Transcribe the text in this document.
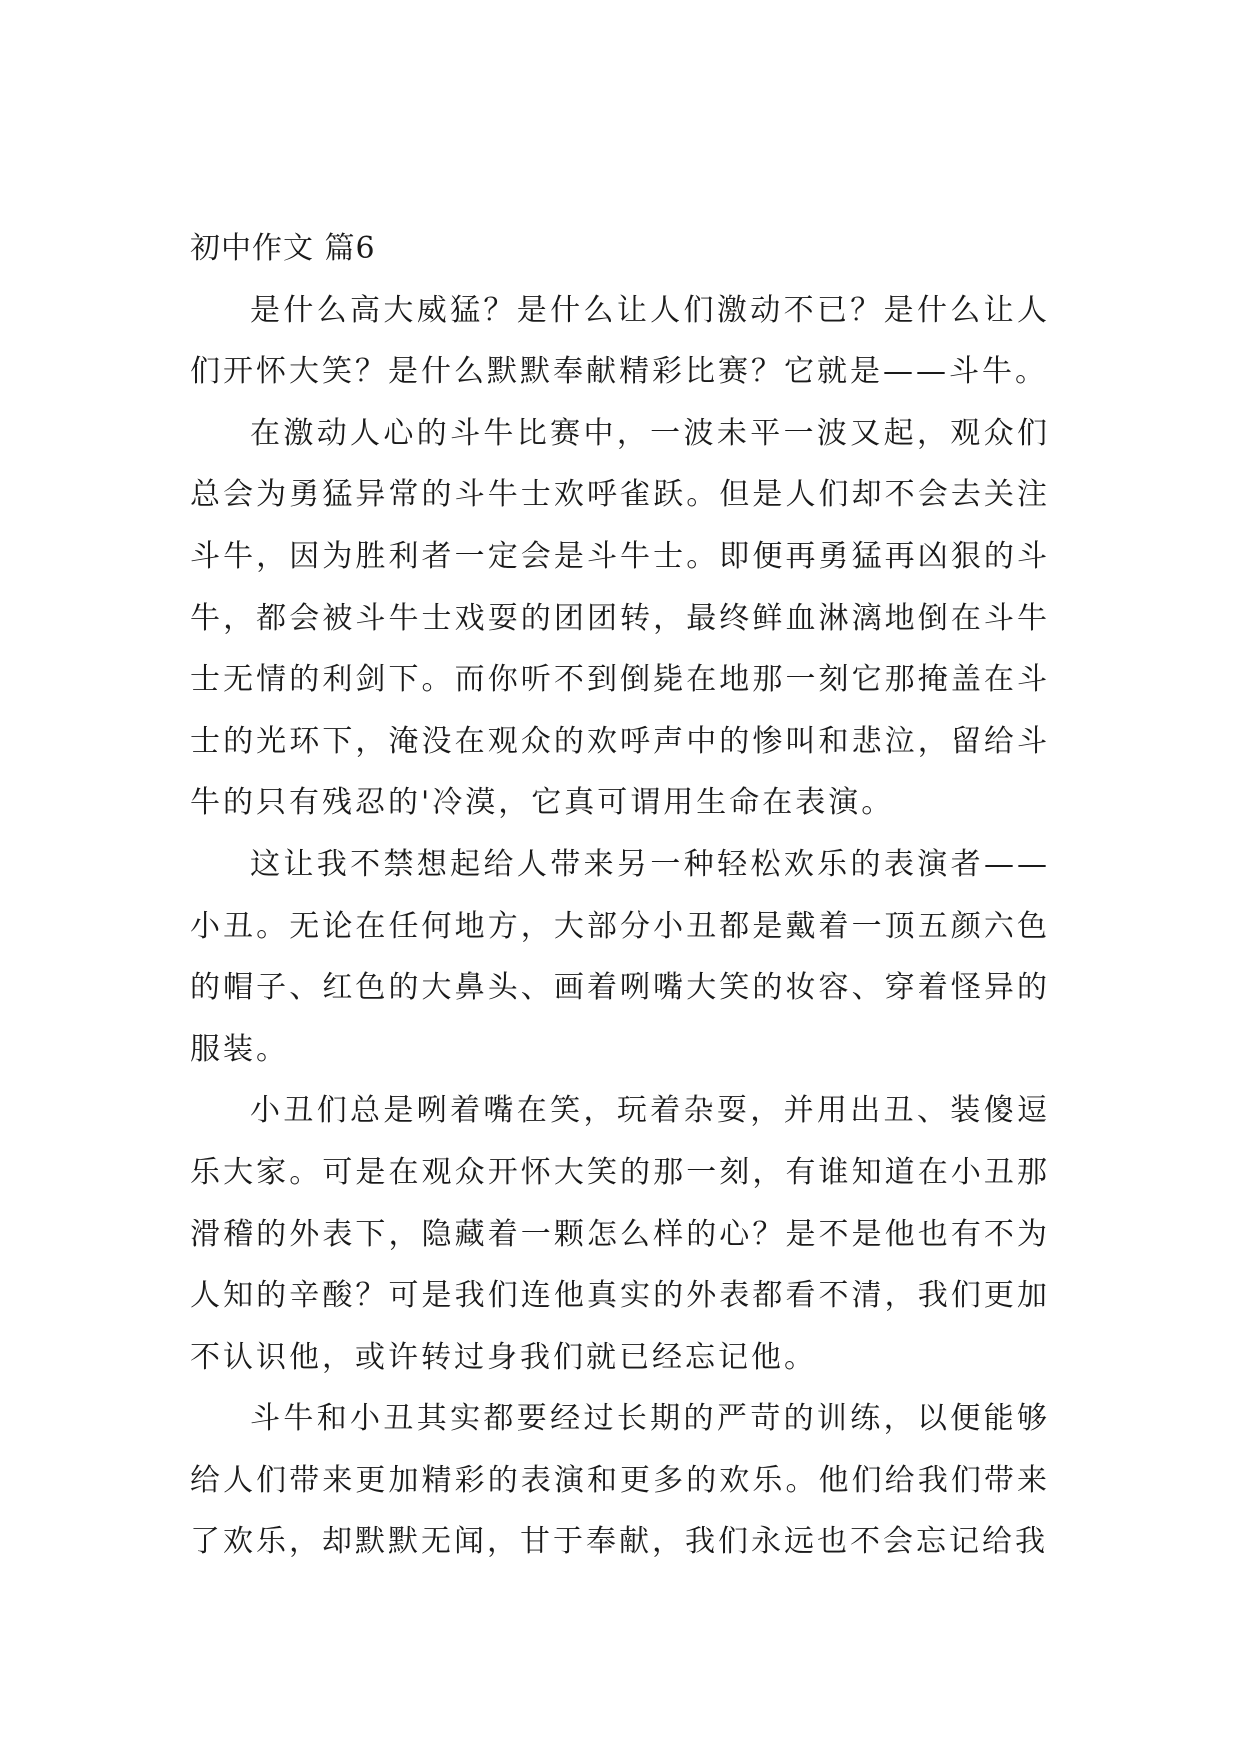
初中作文 篇6

是什么高大威猛？是什么让人们激动不已？是什么让人们开怀大笑？是什么默默奉献精彩比赛？它就是——斗牛。

在激动人心的斗牛比赛中，一波未平一波又起，观众们总会为勇猛异常的斗牛士欢呼雀跃。但是人们却不会去关注斗牛，因为胜利者一定会是斗牛士。即便再勇猛再凶狠的斗牛，都会被斗牛士戏耍的团团转，最终鲜血淋漓地倒在斗牛士无情的利剑下。而你听不到倒毙在地那一刻它那掩盖在斗士的光环下，淹没在观众的欢呼声中的惨叫和悲泣，留给斗牛的只有残忍的'冷漠，它真可谓用生命在表演。

这让我不禁想起给人带来另一种轻松欢乐的表演者——小丑。无论在任何地方，大部分小丑都是戴着一顶五颜六色的帽子、红色的大鼻头、画着咧嘴大笑的妆容、穿着怪异的服装。

小丑们总是咧着嘴在笑，玩着杂耍，并用出丑、装傻逗乐大家。可是在观众开怀大笑的那一刻，有谁知道在小丑那滑稽的外表下，隐藏着一颗怎么样的心？是不是他也有不为人知的辛酸？可是我们连他真实的外表都看不清，我们更加不认识他，或许转过身我们就已经忘记他。

斗牛和小丑其实都要经过长期的严苛的训练，以便能够给人们带来更加精彩的表演和更多的欢乐。他们给我们带来了欢乐，却默默无闻，甘于奉献，我们永远也不会忘记给我
